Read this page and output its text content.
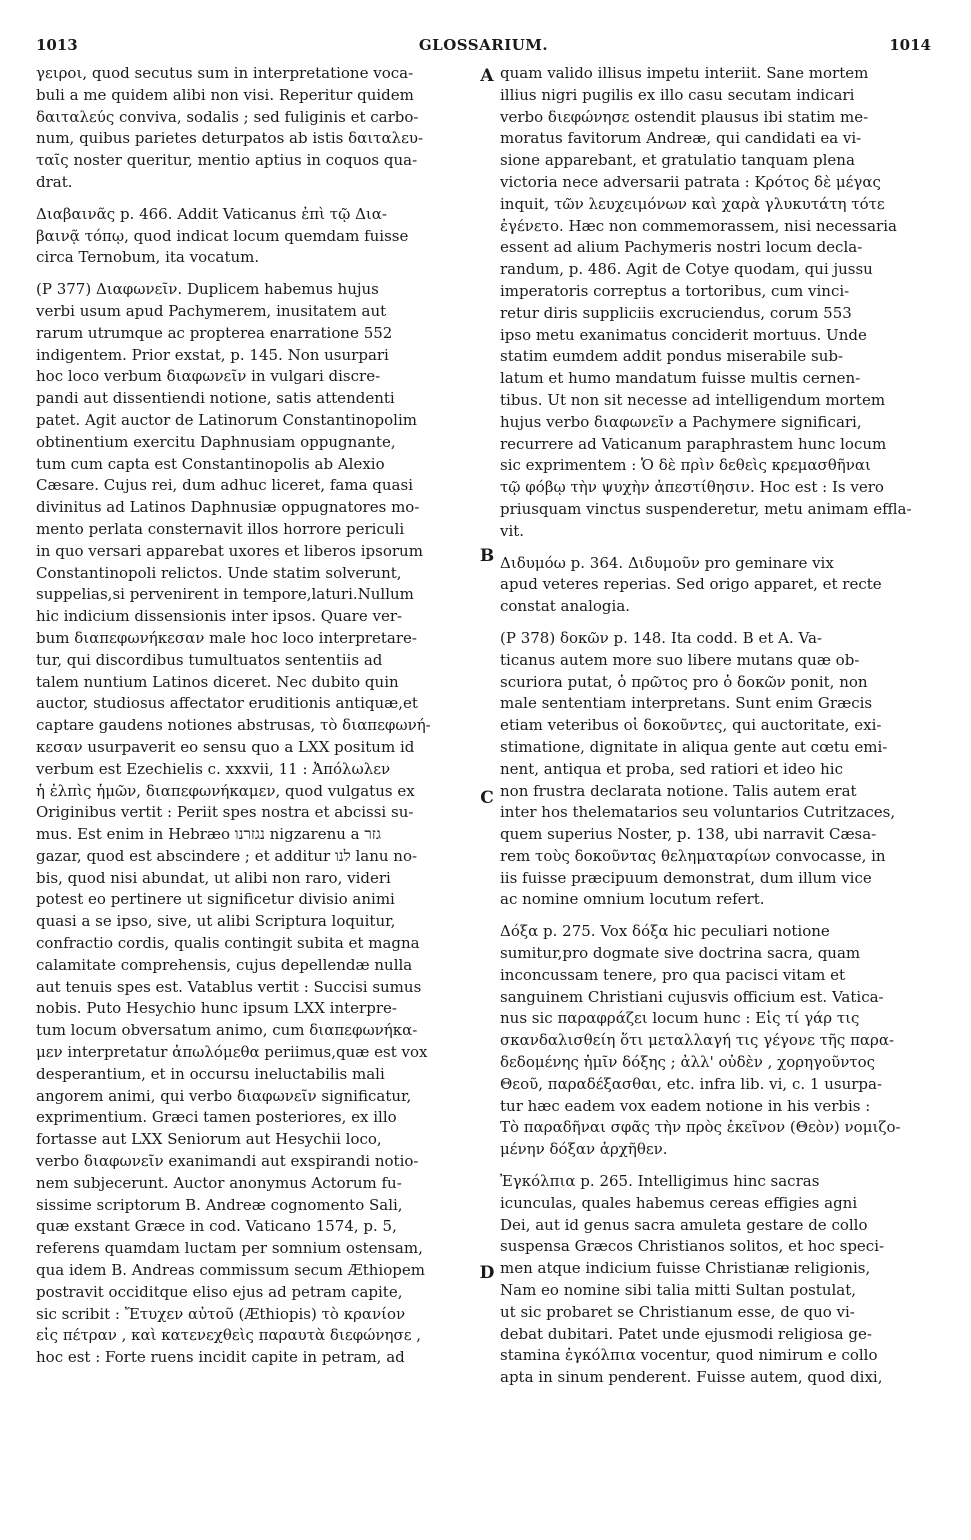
1013	GLOSSARIUM.	1014
A
B
C
D
γειροι, quod secutus sum in interpretatione voca-
buli a me quidem alibi non visi. Reperitur quidem
δαιταλεύς conviva, sodalis ; sed fuliginis et carbo-
num, quibus parietes deturpatos ab istis δαιταλευ-
ταῖς noster queritur, mentio aptius in coquos qua-
drat.
Διαβαινᾶς p. 466. Addit Vaticanus ἐπὶ τῷ Δια-
βαινᾷ τόπῳ, quod indicat locum quemdam fuisse
circa Ternobum, ita vocatum.
(P 377) Διαφωνεῖν. Duplicem habemus hujus
verbi usum apud Pachymerem, inusitatem aut
rarum utrumque ac propterea enarratione 552
indigentem. Prior exstat, p. 145. Non usurpari
hoc loco verbum διαφωνεῖν in vulgari discre-
pandi aut dissentiendi notione, satis attendenti
patet. Agit auctor de Latinorum Constantinopolim
obtinentium exercitu Daphnusiam oppugnante,
tum cum capta est Constantinopolis ab Alexio
Cæsare. Cujus rei, dum adhuc liceret, fama quasi
divinitus ad Latinos Daphnusiæ oppugnatores mo-
mento perlata consternavit illos horrore periculi
in quo versari apparebat uxores et liberos ipsorum
Constantinopoli relictos. Unde statim solverunt,
suppelias,si pervenirent in tempore,laturi.Nullum
hic indicium dissensionis inter ipsos. Quare ver-
bum διαπεφωνήκεσαν male hoc loco interpretare-
tur, qui discordibus tumultuatos sententiis ad
talem nuntium Latinos diceret. Nec dubito quin
auctor, studiosus affectator eruditionis antiquæ,et
captare gaudens notiones abstrusas, τὸ διαπεφωνή-
κεσαν usurpaverit eo sensu quo a LXX positum id
verbum est Ezechielis c. xxxvii, 11 : Ἀπόλωλεν
ἡ ἐλπὶς ἡμῶν, διαπεφωνήκαμεν, quod vulgatus ex
Originibus vertit : Periit spes nostra et abcissi su-
mus. Est enim in Hebræo נגזרנו nigzarenu a גזר
gazar, quod est abscindere ; et additur לנו lanu no-
bis, quod nisi abundat, ut alibi non raro, videri
potest eo pertinere ut significetur divisio animi
quasi a se ipso, sive, ut alibi Scriptura loquitur,
confractio cordis, qualis contingit subita et magna
calamitate comprehensis, cujus depellendæ nulla
aut tenuis spes est. Vatablus vertit : Succisi sumus
nobis. Puto Hesychio hunc ipsum LXX interpre-
tum locum obversatum animo, cum διαπεφωνήκα-
μεν interpretatur ἀπωλόμεθα periimus,quæ est vox
desperantium, et in occursu ineluctabilis mali
angorem animi, qui verbo διαφωνεῖν significatur,
exprimentium. Græci tamen posteriores, ex illo
fortasse aut LXX Seniorum aut Hesychii loco,
verbo διαφωνεῖν exanimandi aut exspirandi notio-
nem subjecerunt. Auctor anonymus Actorum fu-
sissime scriptorum B. Andreæ cognomento Sali,
quæ exstant Græce in cod. Vaticano 1574, p. 5,
referens quamdam luctam per somnium ostensam,
qua idem B. Andreas commissum secum Æthiopem
postravit occiditque eliso ejus ad petram capite,
sic scribit : Ἔτυχεν αὐτοῦ (Æthiopis) τὸ κρανίον
εἰς πέτραν , καὶ κατενεχθεὶς παραυτὰ διεφώνησε ,
hoc est : Forte ruens incidit capite in petram, ad
quam valido illisus impetu interiit. Sane mortem
illius nigri pugilis ex illo casu secutam indicari
verbo διεφώνησε ostendit plausus ibi statim me-
moratus favitorum Andreæ, qui candidati ea vi-
sione apparebant, et gratulatio tanquam plena
victoria nece adversarii patrata : Κρότος δὲ μέγας
inquit, τῶν λευχειμόνων καὶ χαρὰ γλυκυτάτη τότε
ἐγένετο. Hæc non commemorassem, nisi necessaria
essent ad alium Pachymeris nostri locum decla-
randum, p. 486. Agit de Cotye quodam, qui jussu
imperatoris correptus a tortoribus, cum vinci-
retur diris suppliciis excruciendus, corum 553
ipso metu exanimatus conciderit mortuus. Unde
statim eumdem addit pondus miserabile sub-
latum et humo mandatum fuisse multis cernen-
tibus. Ut non sit necesse ad intelligendum mortem
hujus verbo διαφωνεῖν a Pachymere significari,
recurrere ad Vaticanum paraphrastem hunc locum
sic exprimentem : Ὁ δὲ πρὶν δεθεὶς κρεμασθῆναι
τῷ φόβῳ τὴν ψυχὴν ἀπεστίθησιν. Hoc est : Is vero
priusquam vinctus suspenderetur, metu animam effla-
vit.
Διδυμόω p. 364. Διδυμοῦν pro geminare vix
apud veteres reperias. Sed origo apparet, et recte
constat analogia.
(P 378) δοκῶν p. 148. Ita codd. B et A. Va-
ticanus autem more suo libere mutans quæ ob-
scuriora putat, ὁ πρῶτος pro ὁ δοκῶν ponit, non
male sententiam interpretans. Sunt enim Græcis
etiam veteribus οἱ δοκοῦντες, qui auctoritate, exi-
stimatione, dignitate in aliqua gente aut cœtu emi-
nent, antiqua et proba, sed ratiori et ideo hic
non frustra declarata notione. Talis autem erat
inter hos thelematarios seu voluntarios Cutritzaces,
quem superius Noster, p. 138, ubi narravit Cæsa-
rem τοὺς δοκοῦντας θεληματαρίων convocasse, in
iis fuisse præcipuum demonstrat, dum illum vice
ac nomine omnium locutum refert.
Δόξα p. 275. Vox δόξα hic peculiari notione
sumitur,pro dogmate sive doctrina sacra, quam
inconcussam tenere, pro qua pacisci vitam et
sanguinem Christiani cujusvis officium est. Vatica-
nus sic παραφράζει locum hunc : Εἰς τί γάρ τις
σκανδαλισθείη ὅτι μεταλλαγή τις γέγονε τῆς παρα-
δεδομένης ἡμῖν δόξης ; ἀλλ' οὐδὲν , χορηγοῦντος
Θεοῦ, παραδέξασθαι, etc. infra lib. vi, c. 1 usurpa-
tur hæc eadem vox eadem notione in his verbis :
Τὸ παραδῆναι σφᾶς τὴν πρὸς ἐκεῖνον (Θεὸν) νομιζο-
μένην δόξαν ἀρχῆθεν.
Ἐγκόλπια p. 265. Intelligimus hinc sacras
icunculas, quales habemus cereas effigies agni
Dei, aut id genus sacra amuleta gestare de collo
suspensa Græcos Christianos solitos, et hoc speci-
men atque indicium fuisse Christianæ religionis,
Nam eo nomine sibi talia mitti Sultan postulat,
ut sic probaret se Christianum esse, de quo vi-
debat dubitari. Patet unde ejusmodi religiosa ge-
stamina ἐγκόλπια vocentur, quod nimirum e collo
apta in sinum penderent. Fuisse autem, quod dixi,
